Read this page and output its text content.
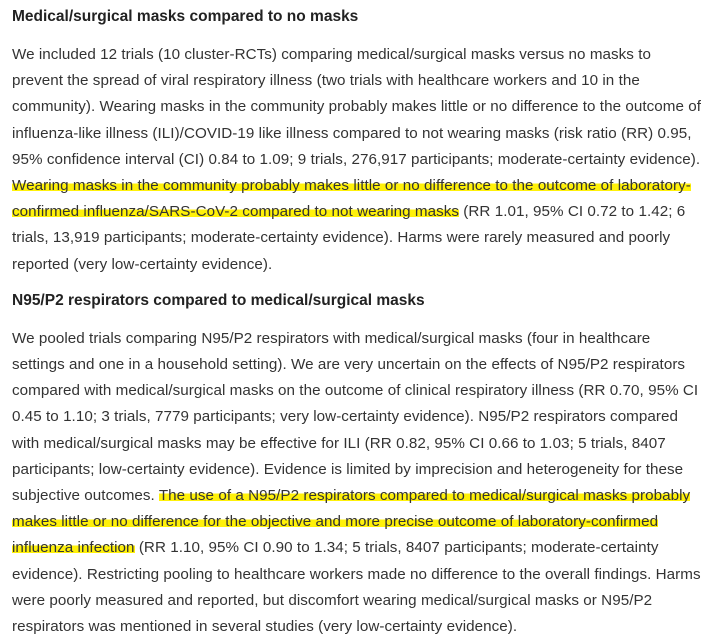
Medical/surgical masks compared to no masks

We included 12 trials (10 cluster-RCTs) comparing medical/surgical masks versus no masks to prevent the spread of viral respiratory illness (two trials with healthcare workers and 10 in the community). Wearing masks in the community probably makes little or no difference to the outcome of influenza-like illness (ILI)/COVID-19 like illness compared to not wearing masks (risk ratio (RR) 0.95, 95% confidence interval (CI) 0.84 to 1.09; 9 trials, 276,917 participants; moderate-certainty evidence). Wearing masks in the community probably makes little or no difference to the outcome of laboratory-confirmed influenza/SARS-CoV-2 compared to not wearing masks (RR 1.01, 95% CI 0.72 to 1.42; 6 trials, 13,919 participants; moderate-certainty evidence). Harms were rarely measured and poorly reported (very low-certainty evidence).

N95/P2 respirators compared to medical/surgical masks

We pooled trials comparing N95/P2 respirators with medical/surgical masks (four in healthcare settings and one in a household setting). We are very uncertain on the effects of N95/P2 respirators compared with medical/surgical masks on the outcome of clinical respiratory illness (RR 0.70, 95% CI 0.45 to 1.10; 3 trials, 7779 participants; very low-certainty evidence). N95/P2 respirators compared with medical/surgical masks may be effective for ILI (RR 0.82, 95% CI 0.66 to 1.03; 5 trials, 8407 participants; low-certainty evidence). Evidence is limited by imprecision and heterogeneity for these subjective outcomes. The use of a N95/P2 respirators compared to medical/surgical masks probably makes little or no difference for the objective and more precise outcome of laboratory-confirmed influenza infection (RR 1.10, 95% CI 0.90 to 1.34; 5 trials, 8407 participants; moderate-certainty evidence). Restricting pooling to healthcare workers made no difference to the overall findings. Harms were poorly measured and reported, but discomfort wearing medical/surgical masks or N95/P2 respirators was mentioned in several studies (very low-certainty evidence).
